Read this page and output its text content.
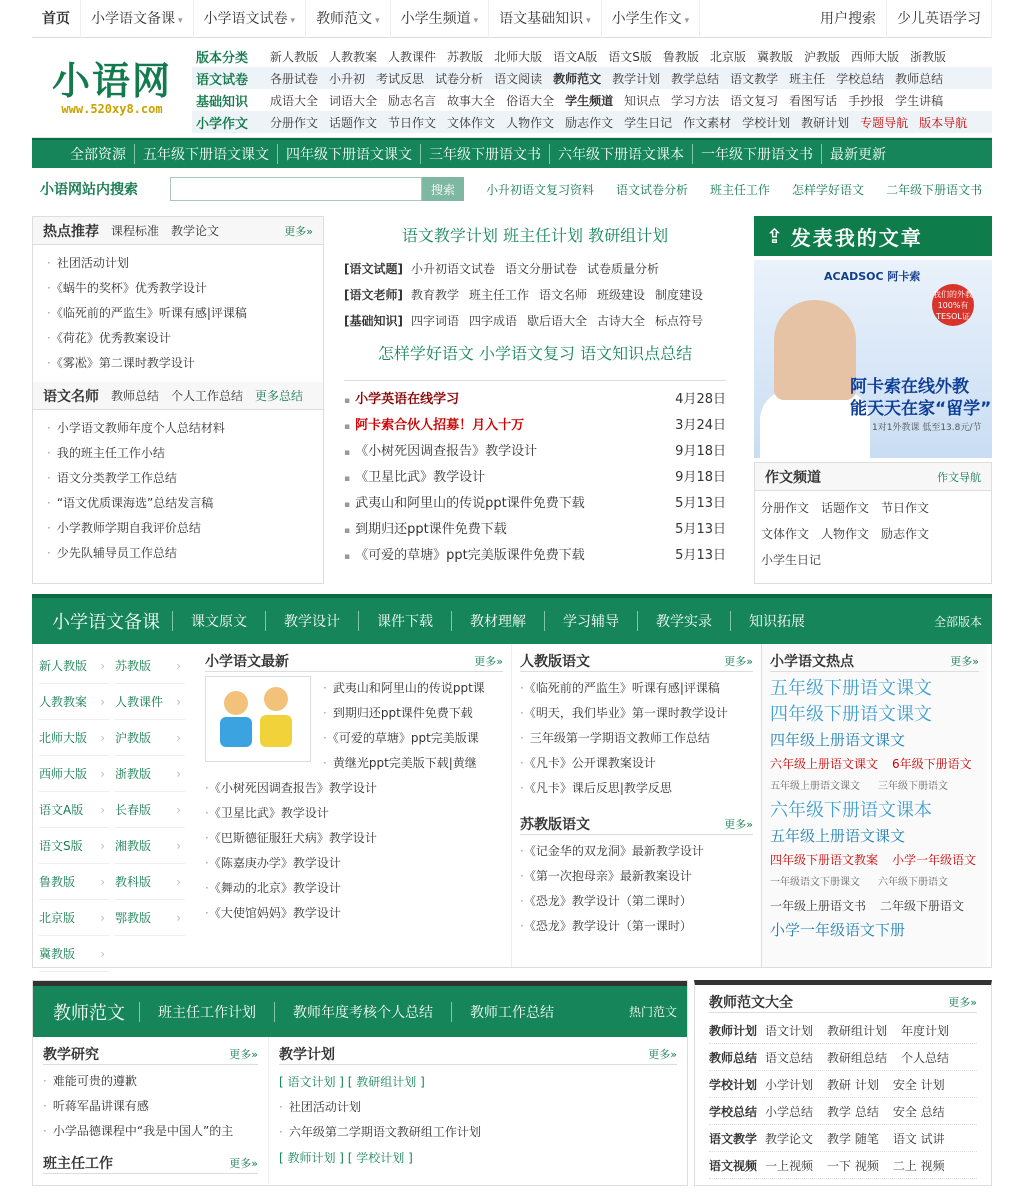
首页	小学语文备课 ▾	小学语文试卷 ▾	教师范文 ▾	小学生频道 ▾	语文基础知识 ▾	小学生作文 ▾	用户搜索	少儿英语学习
小语网
www.520xy8.com
版本分类	新人教版 人教教案 人教课件 苏教版 北师大版 语文A版 语文S版 鲁教版 北京版 冀教版 沪教版 西师大版 浙教版
语文试卷	各册试卷 小升初 考试反思 试卷分析 语文阅读 教师范文 教学计划 教学总结 语文教学 班主任 学校总结 教师总结
基础知识	成语大全 词语大全 励志名言 故事大全 俗语大全 学生频道 知识点 学习方法 语文复习 看图写话 手抄报 学生讲稿
小学作文	分册作文 话题作文 节日作文 文体作文 人物作文 励志作文 学生日记 作文素材 学校计划 教研计划 专题导航 版本导航
全部资源	五年级下册语文课文	四年级下册语文课文	三年级下册语文书	六年级下册语文课本	一年级下册语文书	最新更新
小语网站内搜索	搜索	小升初语文复习资料 语文试卷分析 班主任工作 怎样学好语文 二年级下册语文书
热点推荐 课程标准 教学论文	更多»
· 社团活动计划
· 《蜗牛的奖杯》优秀教学设计
· 《临死前的严监生》听课有感|评课稿
· 《荷花》优秀教案设计
· 《雾凇》第二课时教学设计
语文名师 教师总结 个人工作总结 更多总结
· 小学语文教师年度个人总结材料
· 我的班主任工作小结
· 语文分类教学工作总结
· “语文优质课海选”总结发言稿
· 小学教师学期自我评价总结
· 少先队辅导员工作总结
语文教学计划 班主任计划 教研组计划
[语文试题] 小升初语文试卷 语文分册试卷 试卷质量分析
[语文老师] 教育教学 班主任工作 语文名师 班级建设 制度建设
[基础知识] 四字词语 四字成语 歇后语大全 古诗大全 标点符号
怎样学好语文 小学语文复习 语文知识点总结
▪ 小学英语在线学习	4月28日
▪ 阿卡索合伙人招募！月入十万	3月24日
▪ 《小树死因调查报告》教学设计	9月18日
▪ 《卫星比武》教学设计	9月18日
▪ 武夷山和阿里山的传说ppt课件免费下载	5月13日
▪ 到期归还ppt课件免费下载	5月13日
▪ 《可爱的草塘》ppt完美版课件免费下载	5月13日
⇪ 发表我的文章
ACADSOC 阿卡索
我们的外教 100%有TESOL证
阿卡索在线外教
能天天在家“留学”
1对1外教课 低至13.8元/节
作文频道	作文导航
分册作文 话题作文 节日作文
文体作文 人物作文 励志作文
小学生日记
小学语文备课	课文原文	教学设计	课件下载	教材理解	学习辅导	教学实录	知识拓展	全部版本
新人教版 ›
人教教案 ›
北师大版 ›
西师大版 ›
语文A版 ›
语文S版 ›
鲁教版 ›
北京版 ›
冀教版 ›
苏教版 ›
人教课件 ›
沪教版 ›
浙教版 ›
长春版 ›
湘教版 ›
教科版 ›
鄂教版 ›
小学语文最新	更多»
· 武夷山和阿里山的传说ppt课
· 到期归还ppt课件免费下载
· 《可爱的草塘》ppt完美版课
· 黄继光ppt完美版下载|黄继
· 《小树死因调查报告》教学设计
· 《卫星比武》教学设计
· 《巴斯德征服狂犬病》教学设计
· 《陈嘉庚办学》教学设计
· 《舞动的北京》教学设计
· 《大使馆妈妈》教学设计
人教版语文	更多»
· 《临死前的严监生》听课有感|评课稿
· 《明天，我们毕业》第一课时教学设计
· 三年级第一学期语文教师工作总结
· 《凡卡》公开课教案设计
· 《凡卡》课后反思|教学反思
苏教版语文	更多»
· 《记金华的双龙洞》最新教学设计
· 《第一次抱母亲》最新教案设计
· 《恐龙》教学设计（第二课时）
· 《恐龙》教学设计（第一课时）
小学语文热点	更多»
五年级下册语文课文
四年级下册语文课文
四年级上册语文课文
六年级上册语文课文 6年级下册语文
五年级上册语文课文 三年级下册语文
六年级下册语文课本
五年级上册语文课文
四年级下册语文教案 小学一年级语文
一年级语文下册课文 六年级下册语文
一年级上册语文书 二年级下册语文
小学一年级语文下册
教师范文	班主任工作计划	教师年度考核个人总结	教师工作总结	热门范文
教学研究	更多»
· 难能可贵的遵歉
· 听蒋军晶讲课有感
· 小学品德课程中“我是中国人”的主
班主任工作	更多»
教学计划	更多»
[ 语文计划 ] [ 教研组计划 ]
· 社团活动计划
· 六年级第二学期语文教研组工作计划
[ 教师计划 ] [ 学校计划 ]
教师范文大全	更多»
教师计划 语文计划 教研组计划 年度计划
教师总结 语文总结 教研组总结 个人总结
学校计划 小学计划 教研 计划 安全 计划
学校总结 小学总结 教学 总结 安全 总结
语文教学 教学论文 教学 随笔 语文 试讲
语文视频 一上视频 一下 视频 二上 视频
